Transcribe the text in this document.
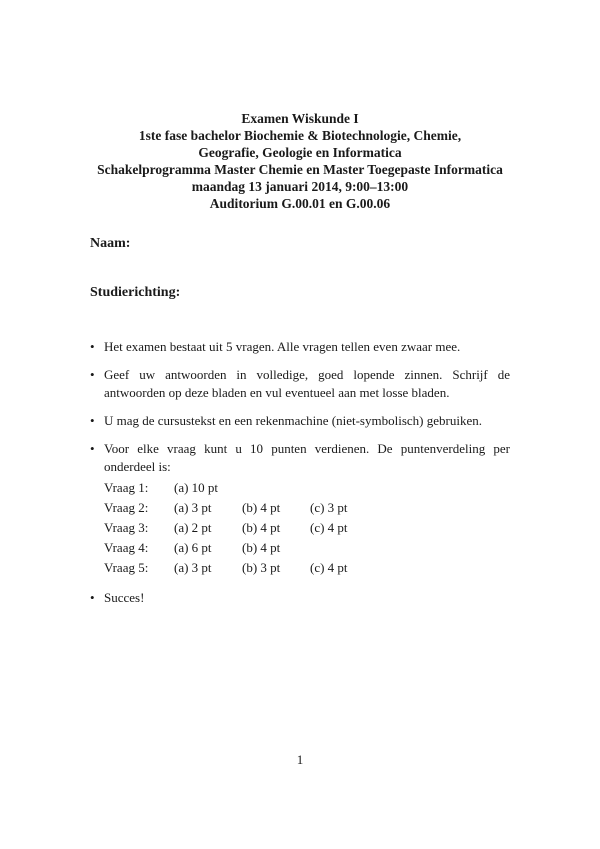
Examen Wiskunde I
1ste fase bachelor Biochemie & Biotechnologie, Chemie,
Geografie, Geologie en Informatica
Schakelprogramma Master Chemie en Master Toegepaste Informatica
maandag 13 januari 2014, 9:00–13:00
Auditorium G.00.01 en G.00.06
Naam:
Studierichting:
• Het examen bestaat uit 5 vragen. Alle vragen tellen even zwaar mee.
• Geef uw antwoorden in volledige, goed lopende zinnen. Schrijf de antwoorden op deze bladen en vul eventueel aan met losse bladen.
• U mag de cursustekst en een rekenmachine (niet-symbolisch) gebruiken.
• Voor elke vraag kunt u 10 punten verdienen. De puntenverdeling per onderdeel is:
Vraag 1:	(a) 10 pt		
Vraag 2:	(a) 3 pt	(b) 4 pt	(c) 3 pt
Vraag 3:	(a) 2 pt	(b) 4 pt	(c) 4 pt
Vraag 4:	(a) 6 pt	(b) 4 pt	
Vraag 5:	(a) 3 pt	(b) 3 pt	(c) 4 pt
• Succes!
1
